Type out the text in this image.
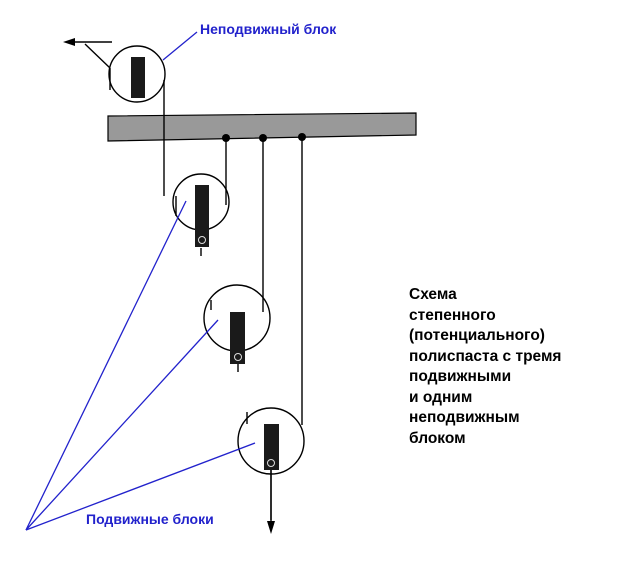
Неподвижный блок
Подвижные блоки
Схема
степенного
(потенциального)
полиспаста с тремя
подвижными
и одним
неподвижным
блоком
